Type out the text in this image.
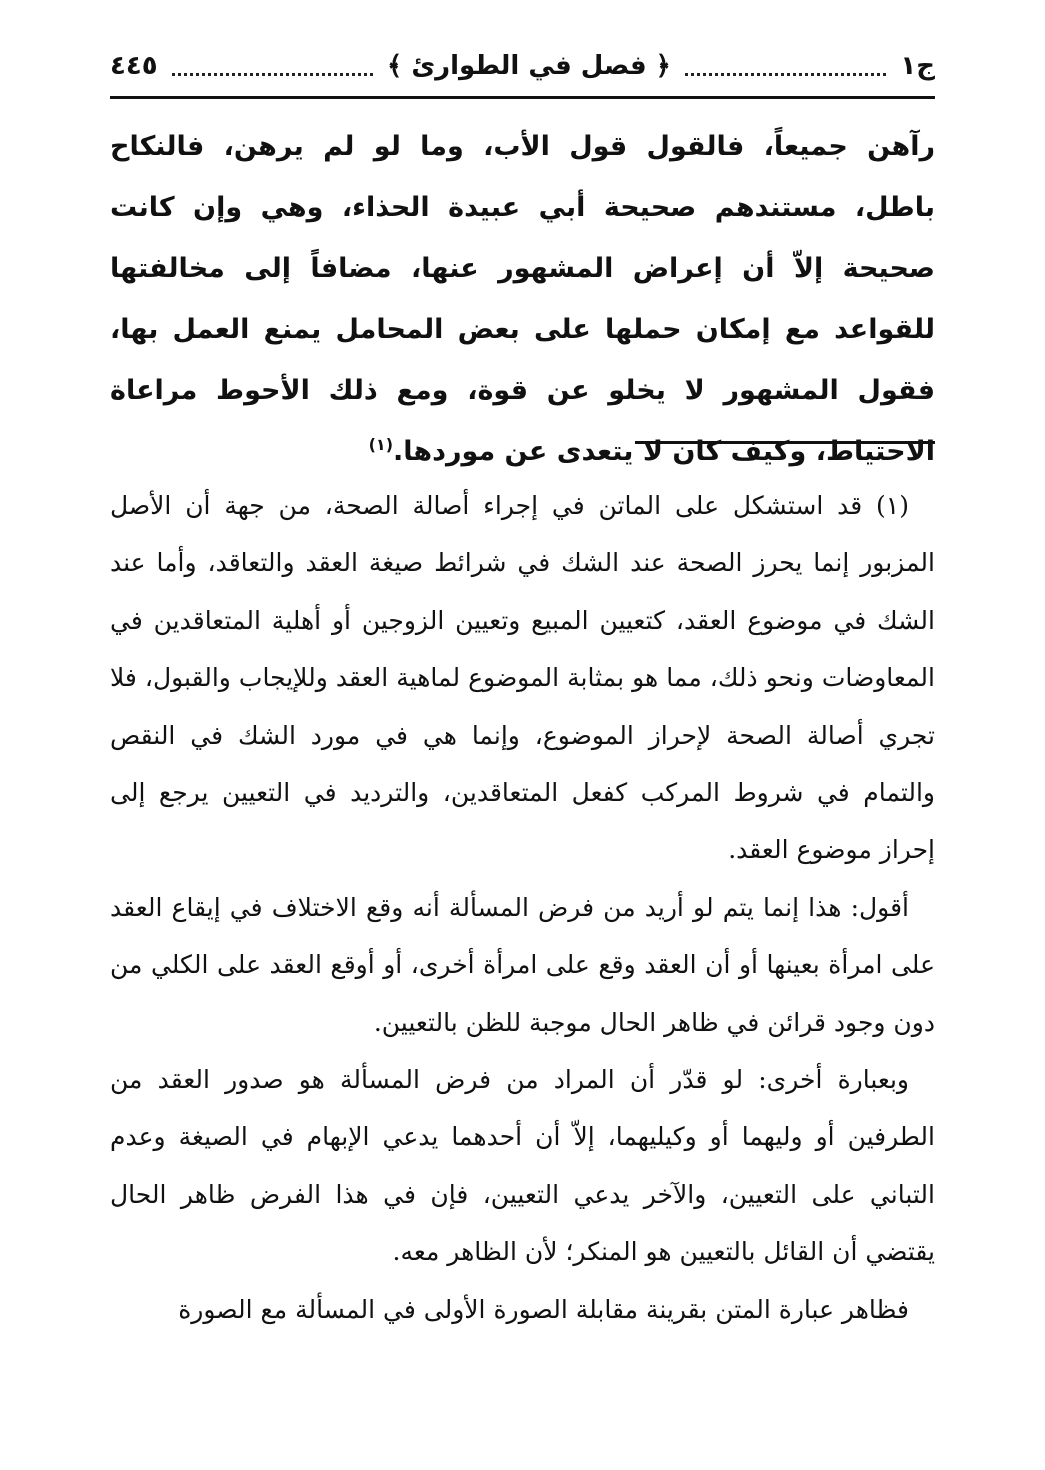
ج١
﴿ فصل في الطوارئ ﴾
٤٤٥
رآهن جميعاً، فالقول قول الأب، وما لو لم يرهن، فالنكاح باطل، مستندهم صحيحة أبي عبيدة الحذاء، وهي وإن كانت صحيحة إلاّ أن إعراض المشهور عنها، مضافاً إلى مخالفتها للقواعد مع إمكان حملها على بعض المحامل يمنع العمل بها، فقول المشهور لا يخلو عن قوة، ومع ذلك الأحوط مراعاة الاحتياط، وكيف كان لا يتعدى عن موردها.$^{(١)}$

(١) قد استشكل على الماتن في إجراء أصالة الصحة، من جهة أن الأصل المزبور إنما يحرز الصحة عند الشك في شرائط صيغة العقد والتعاقد، وأما عند الشك في موضوع العقد، كتعيين المبيع وتعيين الزوجين أو أهلية المتعاقدين في المعاوضات ونحو ذلك، مما هو بمثابة الموضوع لماهية العقد وللإيجاب والقبول، فلا تجري أصالة الصحة لإحراز الموضوع، وإنما هي في مورد الشك في النقص والتمام في شروط المركب كفعل المتعاقدين، والترديد في التعيين يرجع إلى إحراز موضوع العقد.

أقول: هذا إنما يتم لو أريد من فرض المسألة أنه وقع الاختلاف في إيقاع العقد على امرأة بعينها أو أن العقد وقع على امرأة أخرى، أو أوقع العقد على الكلي من دون وجود قرائن في ظاهر الحال موجبة للظن بالتعيين.

وبعبارة أخرى: لو قدّر أن المراد من فرض المسألة هو صدور العقد من الطرفين أو وليهما أو وكيليهما، إلاّ أن أحدهما يدعي الإبهام في الصيغة وعدم التباني على التعيين، والآخر يدعي التعيين، فإن في هذا الفرض ظاهر الحال يقتضي أن القائل بالتعيين هو المنكر؛ لأن الظاهر معه.

فظاهر عبارة المتن بقرينة مقابلة الصورة الأولى في المسألة مع الصورة
